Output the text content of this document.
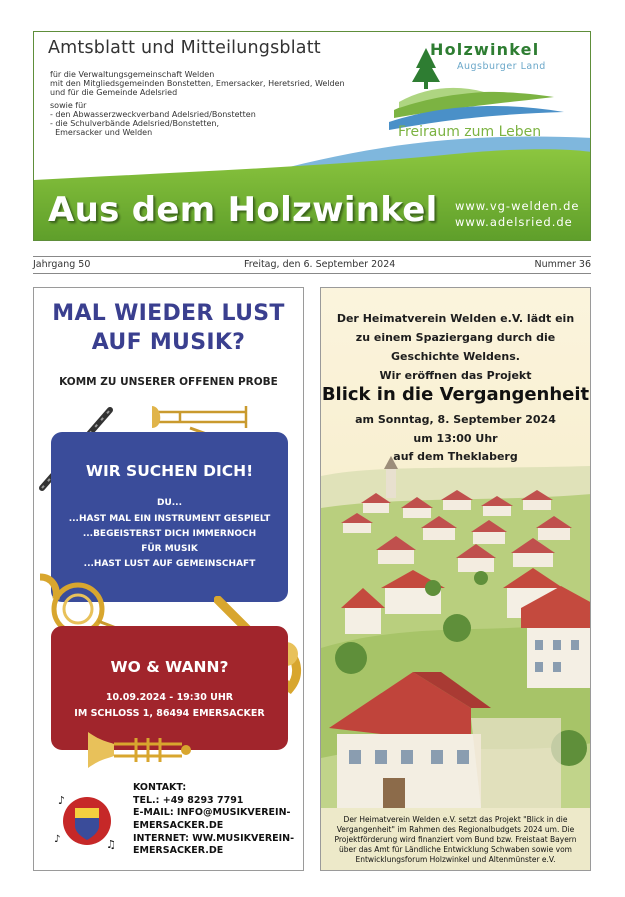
Amtsblatt und Mitteilungsblatt
für die Verwaltungsgemeinschaft Welden
mit den Mitgliedsgemeinden Bonstetten, Emersacker, Heretsried, Welden
und für die Gemeinde Adelsried
sowie für
- den Abwasserzweckverband Adelsried/Bonstetten
- die Schulverbände Adelsried/Bonstetten,
Emersacker und Welden
Holzwinkel
Augsburger Land
Freiraum zum Leben
Aus dem Holzwinkel www.vg-welden.de
www.adelsried.de
Jahrgang 50	Freitag, den 6. September 2024	Nummer 36
MAL WIEDER LUST
AUF MUSIK?
KOMM ZU UNSERER OFFENEN PROBE
WIR SUCHEN DICH!
DU...
...HAST MAL EIN INSTRUMENT GESPIELT
...BEGEISTERST DICH IMMERNOCH
FÜR MUSIK
...HAST LUST AUF GEMEINSCHAFT
WO & WANN?
10.09.2024 - 19:30 UHR
IM SCHLOSS 1, 86494 EMERSACKER
♪
♫
♪
KONTAKT:
TEL.: +49 8293 7791
E-MAIL: INFO@MUSIKVEREIN-
EMERSACKER.DE
INTERNET: WW.MUSIKVEREIN-
EMERSACKER.DE
Der Heimatverein Welden e.V. lädt ein
zu einem Spaziergang durch die
Geschichte Weldens.
Wir eröffnen das Projekt
Blick in die Vergangenheit
am Sonntag, 8. September 2024
um 13:00 Uhr
auf dem Theklaberg
Der Heimatverein Welden e.V. setzt das Projekt "Blick in die
Vergangenheit" im Rahmen des Regionalbudgets 2024 um. Die
Projektförderung wird finanziert vom Bund bzw. Freistaat Bayern
über das Amt für Ländliche Entwicklung Schwaben sowie vom
Entwicklungsforum Holzwinkel und Altenmünster e.V.
